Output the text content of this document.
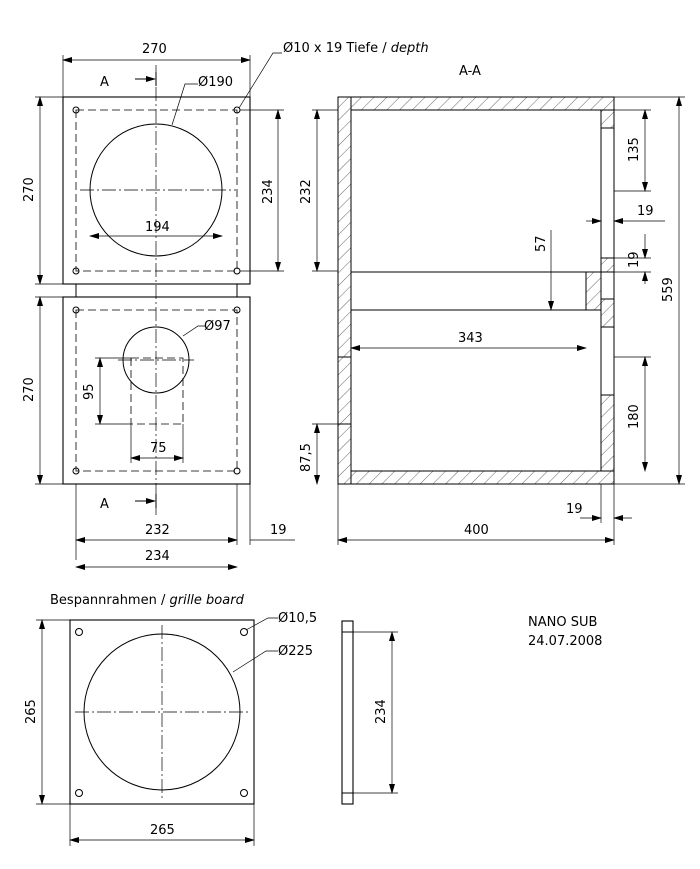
270	Ø10 x 19 Tiefe / depth
A-A
A	Ø190
270	234
194
270
Ø97
95
75
A
232	19
234
232
135
19
19
57
559
343
180
87,5
19
400
Bespannrahmen / grille board
Ø10,5
Ø225
265	234
265
NANO SUB
24.07.2008
